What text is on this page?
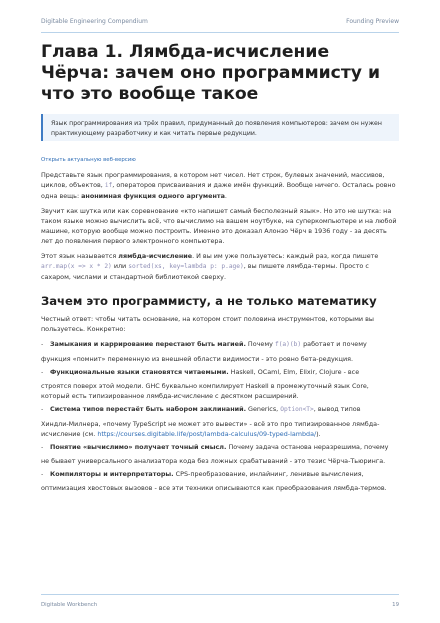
Digitable Engineering Compendium	Founding Preview
Глава 1. Лямбда-исчисление Чёрча: зачем оно программисту и что это вообще такое
Язык программирования из трёх правил, придуманный до появления компьютеров: зачем он нужен практикующему разработчику и как читать первые редукции.
Открыть актуальную веб-версию

Представьте язык программирования, в котором нет чисел. Нет строк, булевых значений, массивов, циклов, объектов, if, операторов присваивания и даже имён функций. Вообще ничего. Осталась ровно одна вещь: анонимная функция одного аргумента.

Звучит как шутка или как соревнование «кто напишет самый бесполезный язык». Но это не шутка: на таком языке можно вычислить всё, что вычислимо на вашем ноутбуке, на суперкомпьютере и на любой машине, которую вообще можно построить. Именно это доказал Алонзо Чёрч в 1936 году - за десять лет до появления первого электронного компьютера.

Этот язык называется лямбда-исчисление. И вы им уже пользуетесь: каждый раз, когда пишете arr.map(x => x * 2) или sorted(xs, key=lambda p: p.age), вы пишете лямбда-термы. Просто с сахаром, числами и стандартной библиотекой сверху.

Зачем это программисту, а не только математику

Честный ответ: чтобы читать основание, на котором стоит половина инструментов, которыми вы пользуетесь. Конкретно:

- Замыкания и каррирование перестают быть магией. Почему f(a)(b) работает и почему
функция «помнит» переменную из внешней области видимости - это ровно бета-редукция.
- Функциональные языки становятся читаемыми. Haskell, OCaml, Elm, Elixir, Clojure - все
строятся поверх этой модели. GHC буквально компилирует Haskell в промежуточный язык Core, который есть типизированное лямбда-исчисление с десятком расширений.
- Система типов перестаёт быть набором заклинаний. Generics, Option<T>, вывод типов
Хиндли-Милнера, «почему TypeScript не может это вывести» - всё это про типизированное лямбда-исчисление (см. https://courses.digitable.life/post/lambda-calculus/09-typed-lambda/).
- Понятие «вычислимо» получает точный смысл. Почему задача останова неразрешима, почему
не бывает универсального анализатора кода без ложных срабатываний - это тезис Чёрча-Тьюринга.
- Компиляторы и интерпретаторы. CPS-преобразование, инлайнинг, ленивые вычисления,
оптимизация хвостовых вызовов - все эти техники описываются как преобразования лямбда-термов.
Digitable Workbench	19
